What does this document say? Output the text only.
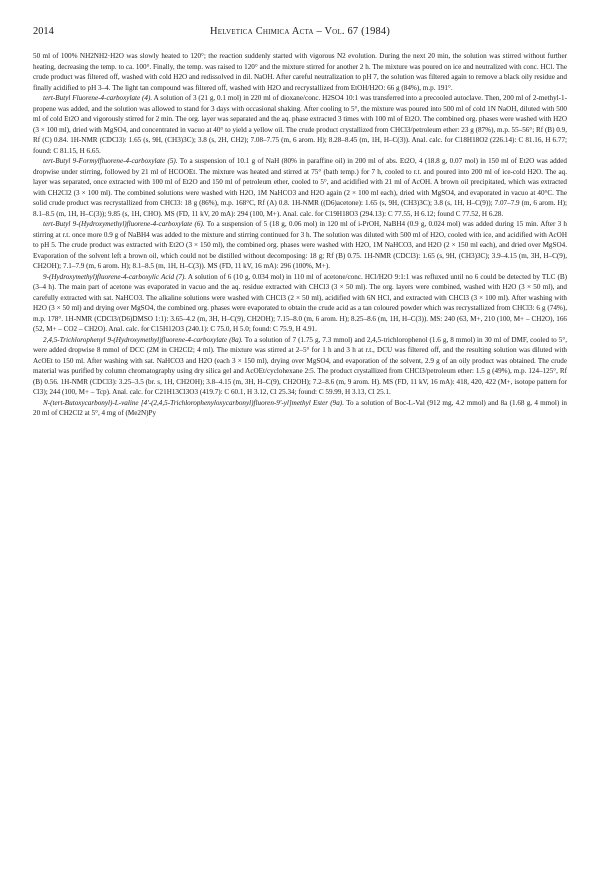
2014	Helvetica Chimica Acta – Vol. 67 (1984)

50 ml of 100% NH2NH2·H2O was slowly heated to 120°; the reaction suddenly started with vigorous N2 evolution. During the next 20 min, the solution was stirred without further heating, decreasing the temp. to ca. 100°. Finally, the temp. was raised to 120° and the mixture stirred for another 2 h. The mixture was poured on ice and neutralized with conc. HCl. The crude product was filtered off, washed with cold H2O and redissolved in dil. NaOH. After careful neutralization to pH 7, the solution was filtered again to remove a black oily residue and finally acidified to pH 3–4. The light tan compound was filtered off, washed with H2O and recrystallized from EtOH/H2O: 66 g (84%), m.p. 191°.

tert-Butyl Fluorene-4-carboxylate (4). A solution of 3 (21 g, 0.1 mol) in 220 ml of dioxane/conc. H2SO4 10:1 was transferred into a precooled autoclave. Then, 200 ml of 2-methyl-1-propene was added, and the solution was allowed to stand for 3 days with occasional shaking. After cooling to 5°, the mixture was poured into 500 ml of cold 1N NaOH, diluted with 500 ml of cold Et2O and vigorously stirred for 2 min. The org. layer was separated and the aq. phase extracted 3 times with 100 ml of Et2O. The combined org. phases were washed with H2O (3 × 100 ml), dried with MgSO4, and concentrated in vacuo at 40° to yield a yellow oil. The crude product crystallized from CHCl3/petroleum ether: 23 g (87%), m.p. 55–56°; Rf (B) 0.9, Rf (C) 0.84. 1H-NMR (CDCl3): 1.65 (s, 9H, (CH3)3C); 3.8 (s, 2H, CH2); 7.08–7.75 (m, 6 arom. H); 8.28–8.45 (m, 1H, H–C(3)). Anal. calc. for C18H18O2 (226.14): C 81.16, H 6.77; found: C 81.15, H 6.65.

tert-Butyl 9-Formylfluorene-4-carboxylate (5). To a suspension of 10.1 g of NaH (80% in paraffine oil) in 200 ml of abs. Et2O, 4 (18.8 g, 0.07 mol) in 150 ml of Et2O was added dropwise under stirring, followed by 21 ml of HCOOEt. The mixture was heated and stirred at 75° (bath temp.) for 7 h, cooled to r.t. and poured into 200 ml of ice-cold H2O. The aq. layer was separated, once extracted with 100 ml of Et2O and 150 ml of petroleum ether, cooled to 5°, and acidified with 21 ml of AcOH. A brown oil precipitated, which was extracted with CH2Cl2 (3 × 100 ml). The combined solutions were washed with H2O, 1M NaHCO3 and H2O again (2 × 100 ml each), dried with MgSO4, and evaporated in vacuo at 40°C. The solid crude product was recrystallized from CHCl3: 18 g (86%), m.p. 168°C, Rf (A) 0.8. 1H-NMR ((D6)acetone): 1.65 (s, 9H, (CH3)3C); 3.8 (s, 1H, H–C(9)); 7.07–7.9 (m, 6 arom. H); 8.1–8.5 (m, 1H, H–C(3)); 9.85 (s, 1H, CHO). MS (FD, 11 kV, 20 mA): 294 (100, M+). Anal. calc. for C19H18O3 (294.13): C 77.55, H 6.12; found C 77.52, H 6.28.

tert-Butyl 9-(Hydroxymethyl)fluorene-4-carboxylate (6). To a suspension of 5 (18 g, 0.06 mol) in 120 ml of i-PrOH, NaBH4 (0.9 g, 0.024 mol) was added during 15 min. After 3 h stirring at r.t. once more 0.9 g of NaBH4 was added to the mixture and stirring continued for 3 h. The solution was diluted with 500 ml of H2O, cooled with ice, and acidified with AcOH to pH 5. The crude product was extracted with Et2O (3 × 150 ml), the combined org. phases were washed with H2O, 1M NaHCO3, and H2O (2 × 150 ml each), and dried over MgSO4. Evaporation of the solvent left a brown oil, which could not be distilled without decomposing: 18 g; Rf (B) 0.75. 1H-NMR (CDCl3): 1.65 (s, 9H, (CH3)3C); 3.9–4.15 (m, 3H, H–C(9), CH2OH); 7.1–7.9 (m, 6 arom. H); 8.1–8.5 (m, 1H, H–C(3)). MS (FD, 11 kV, 16 mA): 296 (100%, M+).

9-(Hydroxymethyl)fluorene-4-carboxylic Acid (7). A solution of 6 (10 g, 0.034 mol) in 110 ml of acetone/conc. HCl/H2O 9:1:1 was refluxed until no 6 could be detected by TLC (B) (3–4 h). The main part of acetone was evaporated in vacuo and the aq. residue extracted with CHCl3 (3 × 50 ml). The org. layers were combined, washed with H2O (3 × 50 ml), and carefully extracted with sat. NaHCO3. The alkaline solutions were washed with CHCl3 (2 × 50 ml), acidified with 6N HCl, and extracted with CHCl3 (3 × 100 ml). After washing with H2O (3 × 50 ml) and drying over MgSO4, the combined org. phases were evaporated to obtain the crude acid as a tan coloured powder which was recrystallized from CHCl3: 6 g (74%), m.p. 178°. 1H-NMR (CDCl3/(D6)DMSO 1:1): 3.65–4.2 (m, 3H, H–C(9), CH2OH); 7.15–8.0 (m, 6 arom. H); 8.25–8.6 (m, 1H, H–C(3)). MS: 240 (63, M+, 210 (100, M+ – CH2O), 166 (52, M+ – CO2 – CH2O). Anal. calc. for C15H12O3 (240.1): C 75.0, H 5.0; found: C 75.9, H 4.91.

2,4,5-Trichlorophenyl 9-(Hydroxymethyl)fluorene-4-carboxylate (8a). To a solution of 7 (1.75 g, 7.3 mmol) and 2,4,5-trichlorophenol (1.6 g, 8 mmol) in 30 ml of DMF, cooled to 5°, were added dropwise 8 mmol of DCC (2M in CH2Cl2; 4 ml). The mixture was stirred at 2–5° for 1 h and 3 h at r.t., DCU was filtered off, and the resulting solution was diluted with AcOEt to 150 ml. After washing with sat. NaHCO3 and H2O (each 3 × 150 ml), drying over MgSO4, and evaporation of the solvent, 2.9 g of an oily product was obtained. The crude material was purified by column chromatography using dry silica gel and AcOEt/cyclohexane 2:5. The product crystallized from CHCl3/petroleum ether: 1.5 g (49%), m.p. 124–125°, Rf (B) 0.56. 1H-NMR (CDCl3): 3.25–3.5 (br. s, 1H, CH2OH); 3.8–4.15 (m, 3H, H–C(9), CH2OH); 7.2–8.6 (m, 9 arom. H). MS (FD, 11 kV, 16 mA): 418, 420, 422 (M+, isotope pattern for Cl3); 244 (100, M+ – Tcp). Anal. calc. for C21H13Cl3O3 (419.7): C 60.1, H 3.12, Cl 25.34; found: C 59.99, H 3.13, Cl 25.1.

N-(tert-Butoxycarbonyl)-L-valine [4'-(2,4,5-Trichlorophenyloxycarbonyl)fluoren-9'-yl]methyl Ester (9a). To a solution of Boc-L-Val (912 mg, 4.2 mmol) and 8a (1.68 g, 4 mmol) in 20 ml of CH2Cl2 at 5°, 4 mg of (Me2N)Py
